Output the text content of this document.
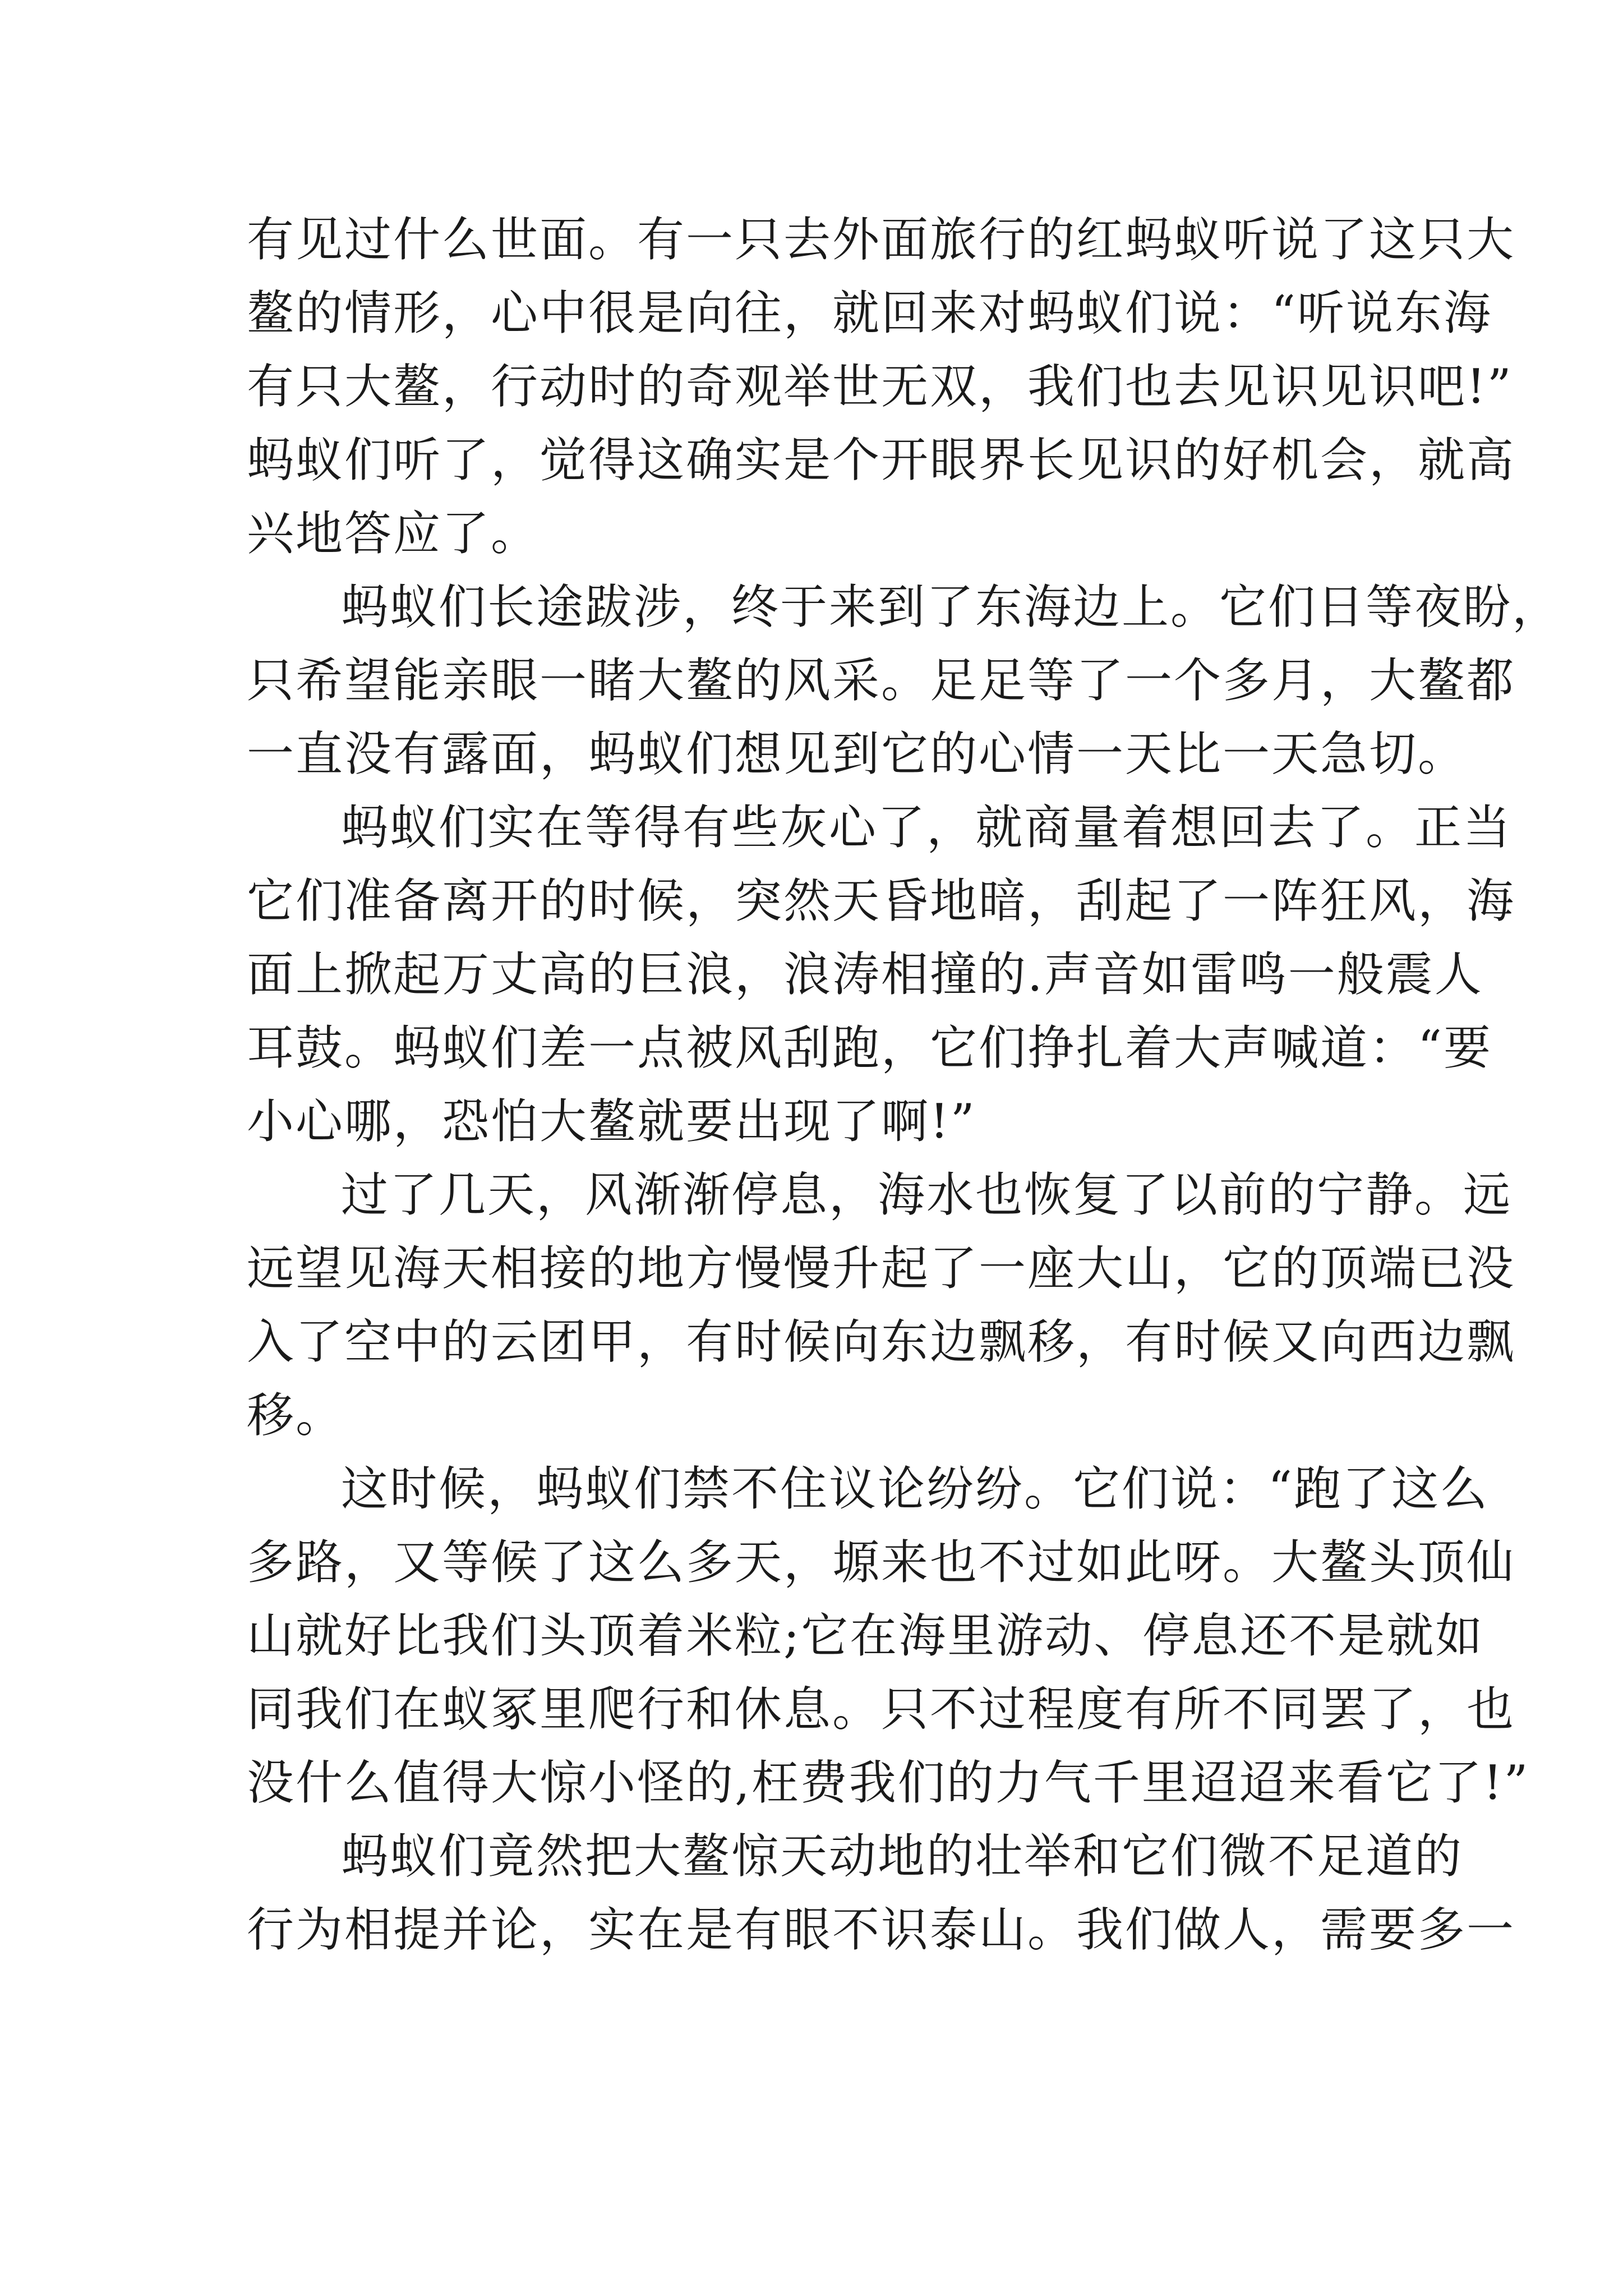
有见过什么世面。有一只去外面旅行的红蚂蚁听说了这只大
鳌的情形，心中很是向往，就回来对蚂蚁们说：“听说东海
有只大鳌，行动时的奇观举世无双，我们也去见识见识吧!”
蚂蚁们听了，觉得这确实是个开眼界长见识的好机会，就高
兴地答应了。
蚂蚁们长途跋涉，终于来到了东海边上。它们日等夜盼，
只希望能亲眼一睹大鳌的风采。足足等了一个多月，大鳌都
一直没有露面，蚂蚁们想见到它的心情一天比一天急切。
蚂蚁们实在等得有些灰心了，就商量着想回去了。正当
它们准备离开的时候，突然天昏地暗，刮起了一阵狂风，海
面上掀起万丈高的巨浪，浪涛相撞的.声音如雷鸣一般震人
耳鼓。蚂蚁们差一点被风刮跑，它们挣扎着大声喊道：“要
小心哪，恐怕大鳌就要出现了啊!”
过了几天，风渐渐停息，海水也恢复了以前的宁静。远
远望见海天相接的地方慢慢升起了一座大山，它的顶端已没
入了空中的云团甲，有时候向东边飘移，有时候又向西边飘
移。
这时候，蚂蚁们禁不住议论纷纷。它们说：“跑了这么
多路，又等候了这么多天，塬来也不过如此呀。大鳌头顶仙
山就好比我们头顶着米粒;它在海里游动、停息还不是就如
同我们在蚁冢里爬行和休息。只不过程度有所不同罢了，也
没什么值得大惊小怪的,枉费我们的力气千里迢迢来看它了!”
蚂蚁们竟然把大鳌惊天动地的壮举和它们微不足道的
行为相提并论，实在是有眼不识泰山。我们做人，需要多一
